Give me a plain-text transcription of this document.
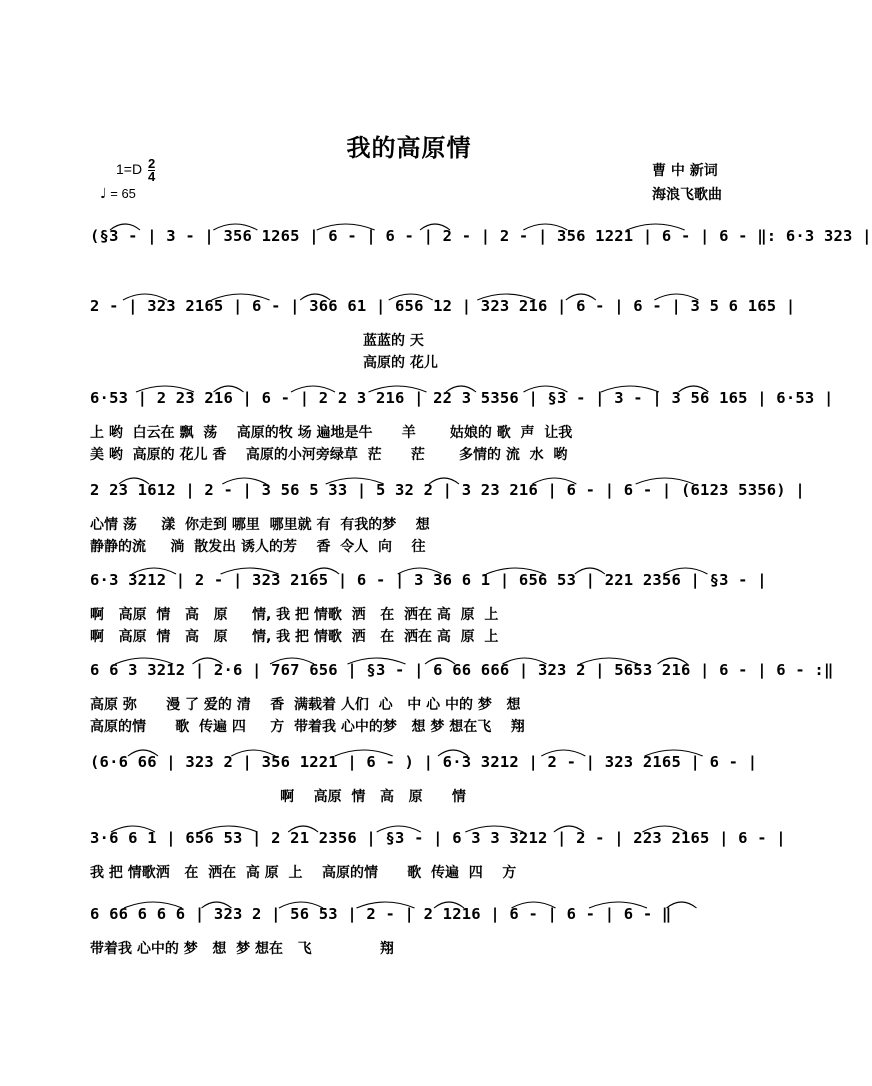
我的高原情
$1=D \frac{2}{4}$
♩ = 65
曹 中 新词
海浪飞歌曲
(§3 - | 3 - | 356 1265 | 6 - | 6 - | 2 - | 2 - | 356 1221 | 6 - | 6 - ‖: 6·3 323 |
2 - | 323 2165 | 6 - | 366 61 | 656 12 | 323 216 | 6 - | 6 - | 3 5 6 165 |
蓝蓝的 天
高原的 花儿
6·53 | 2 23 216 | 6 - | 2 2 3 216 | 22 3 5356 | §3 - | 3 - | 3 56 165 | 6·53 |
上 哟  白云在 飘  荡    高原的牧 场 遍地是牛      羊       姑娘的 歌  声  让我
美 哟  高原的 花儿 香    高原的小河旁绿草  茫      茫       多情的 流  水  哟
2 23 1612 | 2 - | 3 56 5 33 | 5 32 2 | 3 23 216 | 6 - | 6 - | (6123 5356) |
心情 荡     漾  你走到 哪里  哪里就 有  有我的梦    想
静静的流     淌  散发出 诱人的芳    香  令人  向    往
6·3 3212 | 2 - | 323 2165 | 6 - | 3 36 6 1 | 656 53 | 221 2356 | §3 - |
啊   高原  情   高   原     情, 我 把 情歌  洒   在  洒在 高  原  上
啊   高原  情   高   原     情, 我 把 情歌  洒   在  洒在 高  原  上
6 6 3 3212 | 2·6 | 767 656 | §3 - | 6 66 666 | 323 2 | 5653 216 | 6 - | 6 - :‖
高原 弥      漫 了 爱的 清    香  满载着 人们  心   中 心 中的 梦   想
高原的情      歌  传遍 四     方  带着我 心中的梦   想 梦 想在飞    翔
(6·6 66 | 323 2 | 356 1221 | 6 - ) | 6·3 3212 | 2 - | 323 2165 | 6 - |
啊    高原  情   高   原      情
3·6 6 1 | 656 53 | 2 21 2356 | §3 - | 6 3 3 3212 | 2 - | 223 2165 | 6 - |
我 把 情歌洒   在  洒在  高 原  上    高原的情      歌  传遍  四    方
6 66 6 6 6 | 323 2 | 56 53 | 2 - | 2 1216 | 6 - | 6 - | 6 - ‖
带着我 心中的 梦   想  梦 想在   飞              翔
